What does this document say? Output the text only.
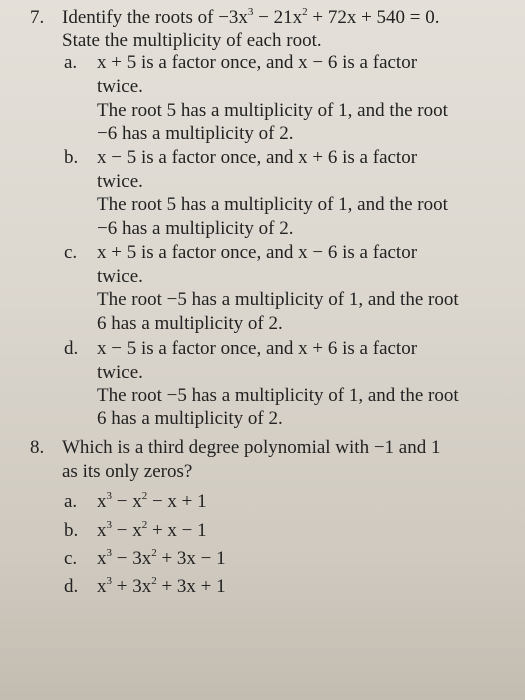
7. Identify the roots of $-3x^3 - 21x^2 + 72x + 540 = 0$.
State the multiplicity of each root.
a. x + 5 is a factor once, and x − 6 is a factor
twice.
The root 5 has a multiplicity of 1, and the root
−6 has a multiplicity of 2.
b. x − 5 is a factor once, and x + 6 is a factor
twice.
The root 5 has a multiplicity of 1, and the root
−6 has a multiplicity of 2.
c. x + 5 is a factor once, and x − 6 is a factor
twice.
The root −5 has a multiplicity of 1, and the root
6 has a multiplicity of 2.
d. x − 5 is a factor once, and x + 6 is a factor
twice.
The root −5 has a multiplicity of 1, and the root
6 has a multiplicity of 2.
8. Which is a third degree polynomial with −1 and 1
as its only zeros?
a. $x^3 - x^2 - x + 1$
b. $x^3 - x^2 + x - 1$
c. $x^3 - 3x^2 + 3x - 1$
d. $x^3 + 3x^2 + 3x + 1$
